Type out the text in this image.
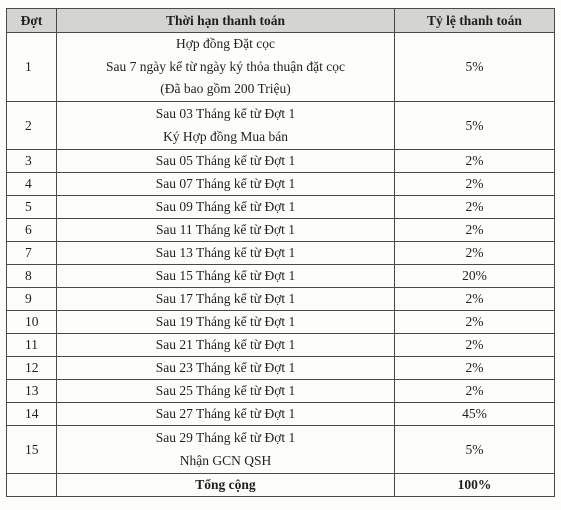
Đợt	Thời hạn thanh toán	Tỷ lệ thanh toán
1	Hợp đồng Đặt cọc
Sau 7 ngày kể từ ngày ký thỏa thuận đặt cọc
(Đã bao gồm 200 Triệu)	5%
2	Sau 03 Tháng kể từ Đợt 1
Ký Hợp đồng Mua bán	5%
3	Sau 05 Tháng kể từ Đợt 1	2%
4	Sau 07 Tháng kể từ Đợt 1	2%
5	Sau 09 Tháng kể từ Đợt 1	2%
6	Sau 11 Tháng kể từ Đợt 1	2%
7	Sau 13 Tháng kể từ Đợt 1	2%
8	Sau 15 Tháng kể từ Đợt 1	20%
9	Sau 17 Tháng kể từ Đợt 1	2%
10	Sau 19 Tháng kể từ Đợt 1	2%
11	Sau 21 Tháng kể từ Đợt 1	2%
12	Sau 23 Tháng kể từ Đợt 1	2%
13	Sau 25 Tháng kể từ Đợt 1	2%
14	Sau 27 Tháng kể từ Đợt 1	45%
15	Sau 29 Tháng kể từ Đợt 1
Nhận GCN QSH	5%
	Tổng cộng	100%
